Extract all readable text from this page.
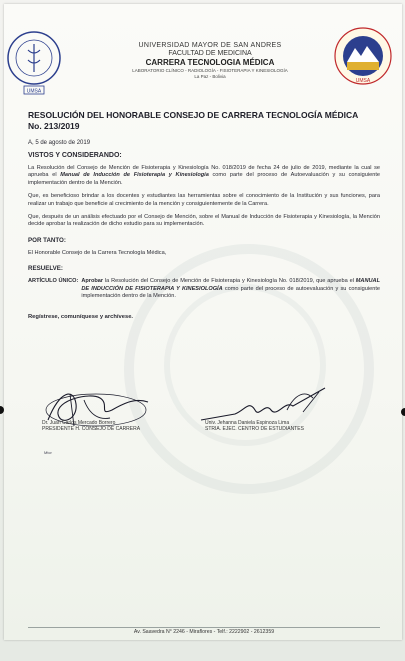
UMSA
UMSA
UNIVERSIDAD MAYOR DE SAN ANDRES
FACULTAD DE MEDICINA
CARRERA TECNOLOGIA MÉDICA
LABORATORIO CLÍNICO - RADIOLOGÍA - FISIOTERAPIA Y KINESIOLOGÍA
La Paz - Bolivia
RESOLUCIÓN DEL HONORABLE CONSEJO DE CARRERA TECNOLOGÍA MÉDICA
No. 213/2019
A, 5 de agosto de 2019
VISTOS Y CONSIDERANDO:
La Resolución del Consejo de Mención de Fisioterapia y Kinesiología No. 018/2019 de fecha 24 de julio de 2019, mediante la cual se aprueba el Manual de Inducción de Fisioterapia y Kinesiología como parte del proceso de Autoevaluación y su consiguiente implementación dentro de la Mención.
Que, es beneficioso brindar a los docentes y estudiantes las herramientas sobre el conocimiento de la Institución y sus funciones, para realizar un trabajo que beneficie al crecimiento de la mención y consiguientemente de la Carrera.
Que, después de un análisis efectuado por el Consejo de Mención, sobre el Manual de Inducción de Fisioterapia y Kinesiología, la Mención decide aprobar la realización de dicho estudio para su implementación.
POR TANTO:
El Honorable Consejo de la Carrera Tecnología Médica,
RESUELVE:
ARTÍCULO ÚNICO: Aprobar la Resolución del Consejo de Mención de Fisioterapia y Kinesiología No. 018/2019, que aprueba el MANUAL DE INDUCCIÓN DE FISIOTERAPIA Y KINESIOLOGÍA como parte del proceso de autoevaluación y su consiguiente implementación dentro de la Mención.
Regístrese, comuníquese y archívese.
Dr. Juan Carlos Mercado Borrero
PRESIDENTE H. CONSEJO DE CARRERA
Univ. Jehanna Daniela Espinoza Lima
STRIA. EJEC. CENTRO DE ESTUDIANTES
Mtcr
Av. Saavedra N° 2246 - Miraflores - Telf.: 2222902 - 2612359
